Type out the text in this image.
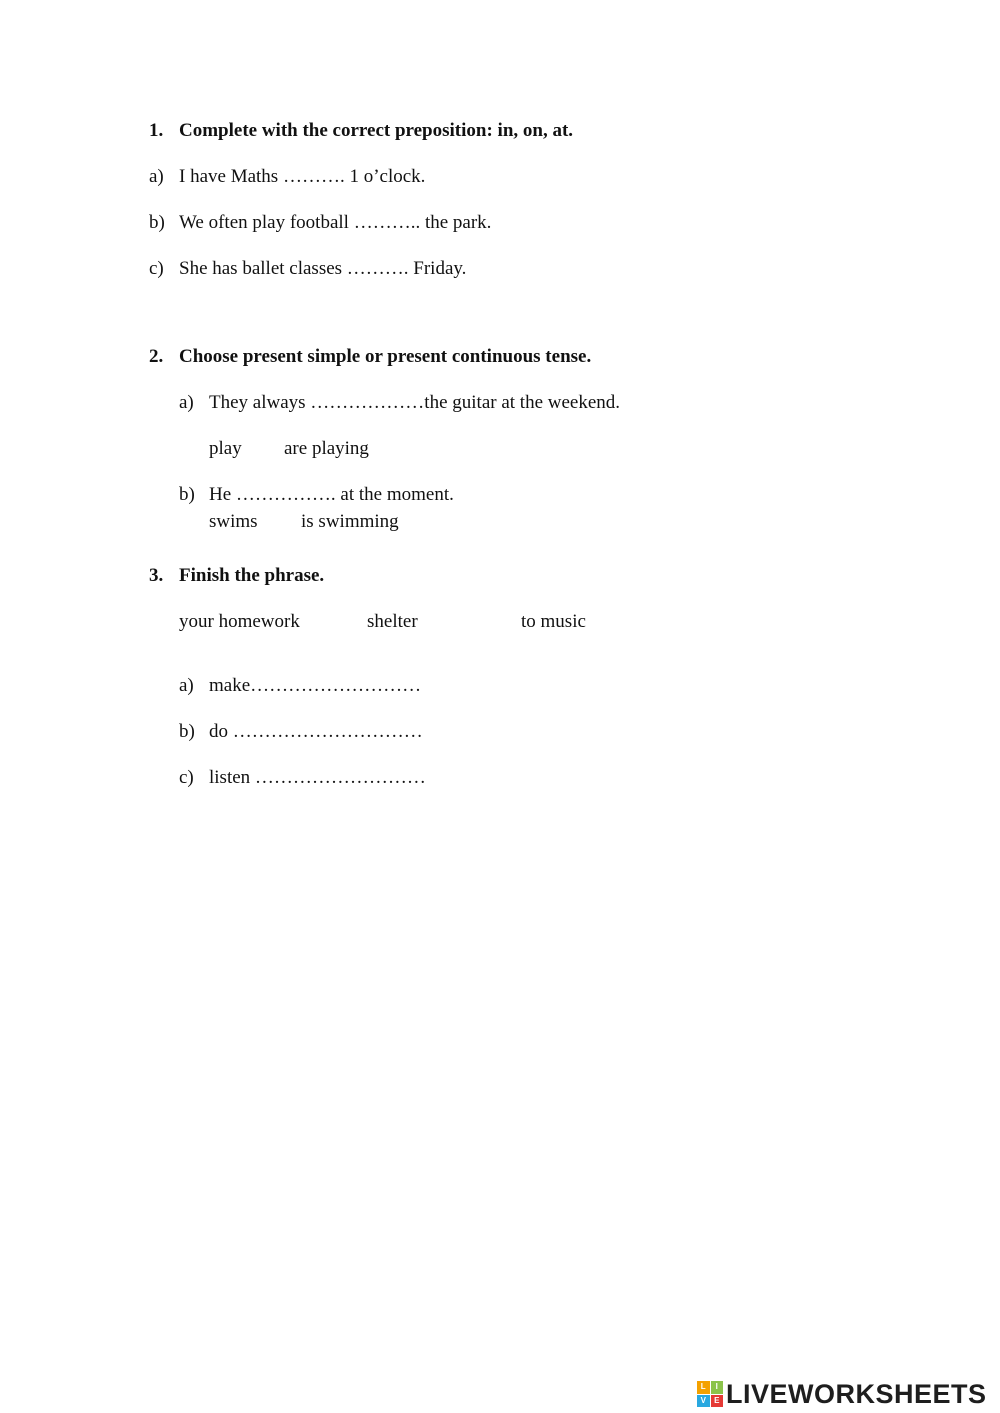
1. Complete with the correct preposition: in, on, at.
a) I have Maths ………. 1 o’clock.
b) We often play football ……….. the park.
c) She has ballet classes ………. Friday.
2. Choose present simple or present continuous tense.
a) They always ………………the guitar at the weekend.
play are playing
b) He ……………. at the moment.
swims is swimming
3. Finish the phrase.
your homework	shelter	to music
a) make………………………
b) do …………………………
c) listen ………………………
L	I
V	E LIVEWORKSHEETS
